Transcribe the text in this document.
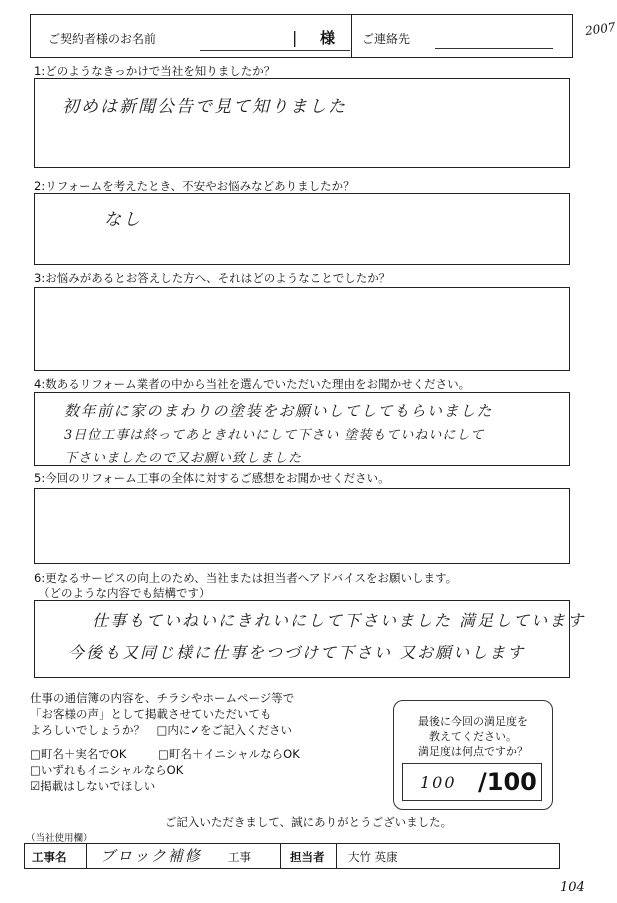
ご契約者様のお名前	| 様 ご連絡先
2007
1:どのようなきっかけで当社を知りましたか？
初めは新聞公告で見て知りました
2:リフォームを考えたとき、不安やお悩みなどありましたか？
なし
3:お悩みがあるとお答えした方へ、それはどのようなことでしたか？
4:数あるリフォーム業者の中から当社を選んでいただいた理由をお聞かせください。
数年前に家のまわりの塗装をお願いしてしてもらいました
3日位工事は終ってあときれいにして下さい 塗装もていねいにして
下さいましたので又お願い致しました
5:今回のリフォーム工事の全体に対するご感想をお聞かせください。
6:更なるサービスの向上のため、当社または担当者へアドバイスをお願いします。
（どのような内容でも結構です）
仕事もていねいにきれいにして下さいました 満足しています
今後も又同じ様に仕事をつづけて下さい 又お願いします
仕事の通信簿の内容を、チラシやホームページ等で
「お客様の声」として掲載させていただいても
よろしいでしょうか？　□内に✓をご記入ください
□町名＋実名でOK	□町名＋イニシャルならOK
□いずれもイニシャルならOK
☑掲載はしないでほしい
最後に今回の満足度を
教えてください。
満足度は何点ですか？
100 /100
ご記入いただきまして、誠にありがとうございました。
（当社使用欄）
工事名 ブロック補修 工事	担当者 大竹 英康
104
